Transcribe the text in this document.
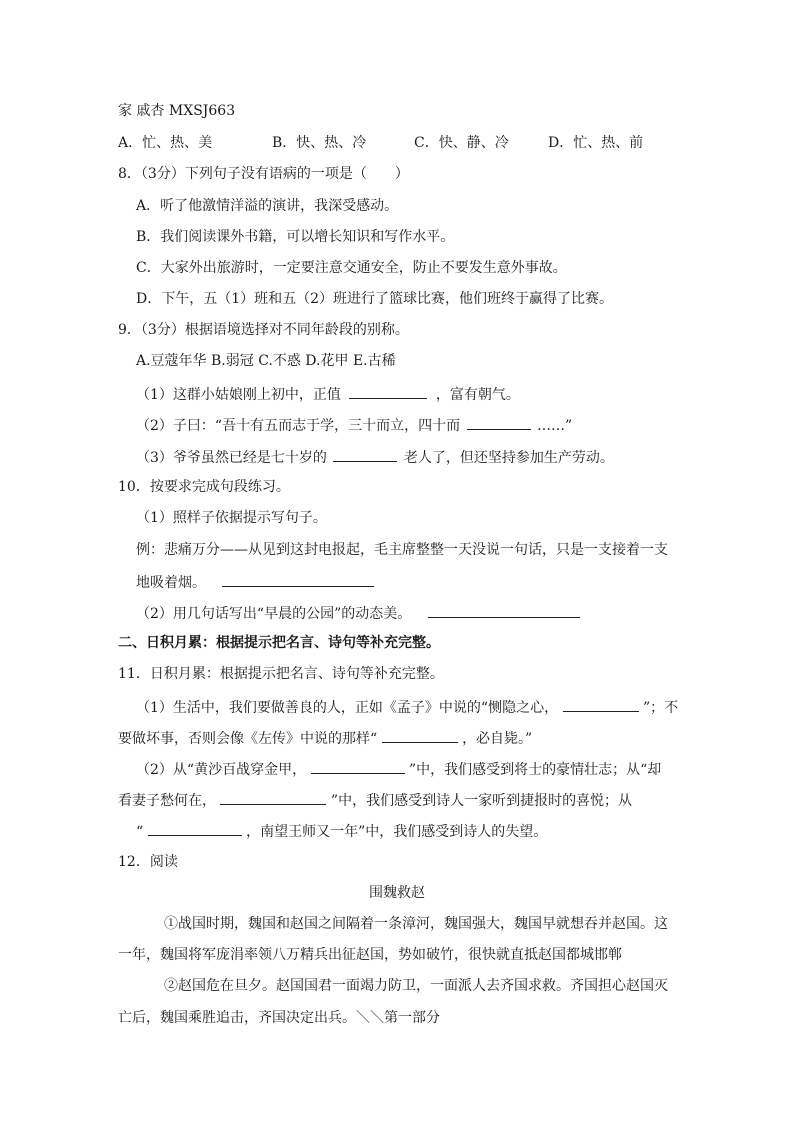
家 戚杏 MXSJ663
A．忙、热、美	B．快、热、冷	C．快、静、冷	D．忙、热、前
8．（3分）下列句子没有语病的一项是（　　）
A．听了他激情洋溢的演讲，我深受感动。
B．我们阅读课外书籍，可以增长知识和写作水平。
C．大家外出旅游时，一定要注意交通安全，防止不要发生意外事故。
D．下午，五（1）班和五（2）班进行了篮球比赛，他们班终于赢得了比赛。
9．（3分）根据语境选择对不同年龄段的别称。
A.豆蔻年华 B.弱冠 C.不惑 D.花甲 E.古稀
（1）这群小姑娘刚上初中，正值	，富有朝气。
（2）子曰：“吾十有五而志于学，三十而立，四十而	……”
（3）爷爷虽然已经是七十岁的	老人了，但还坚持参加生产劳动。
10．按要求完成句段练习。
（1）照样子依据提示写句子。
例：悲痛万分——从见到这封电报起，毛主席整整一天没说一句话，只是一支接着一支
地吸着烟。
（2）用几句话写出“早晨的公园”的动态美。
二、日积月累：根据提示把名言、诗句等补充完整。
11．日积月累：根据提示把名言、诗句等补充完整。
（1）生活中，我们要做善良的人，正如《孟子》中说的“恻隐之心，	”；不
要做坏事，否则会像《左传》中说的那样“	，必自毙。”
（2）从“黄沙百战穿金甲，	”中，我们感受到将士的豪情壮志；从“却
看妻子愁何在，	”中，我们感受到诗人一家听到捷报时的喜悦；从
“	，南望王师又一年”中，我们感受到诗人的失望。
12．阅读
围魏救赵
①战国时期，魏国和赵国之间隔着一条漳河，魏国强大，魏国早就想吞并赵国。这
一年，魏国将军庞涓率领八万精兵出征赵国，势如破竹，很快就直抵赵国都城邯郸
②赵国危在旦夕。赵国国君一面竭力防卫，一面派人去齐国求救。齐国担心赵国灭
亡后，魏国乘胜追击，齐国决定出兵。＼＼第一部分
